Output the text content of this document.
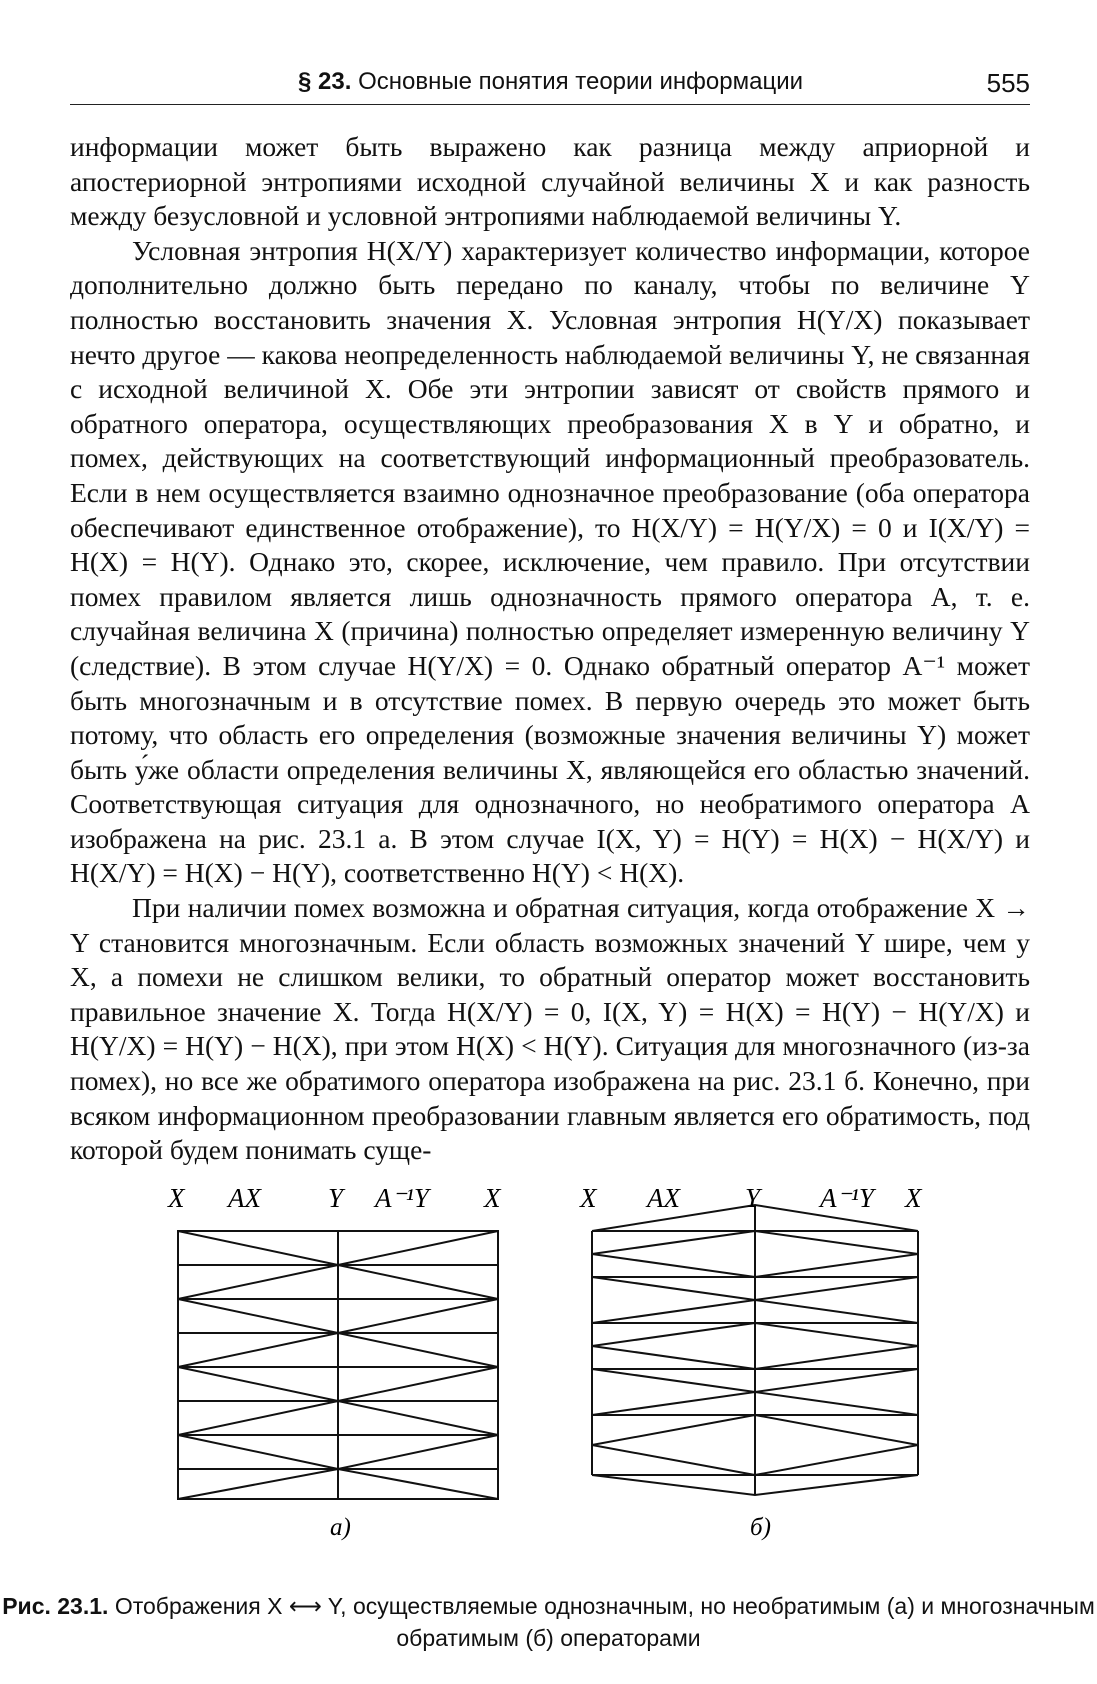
§ 23. Основные понятия теории информации	555

информации может быть выражено как разница между априорной и апостериорной энтропиями исходной случайной величины X и как разность между безусловной и условной энтропиями наблюдаемой величины Y.

Условная энтропия H(X/Y) характеризует количество информации, которое дополнительно должно быть передано по каналу, чтобы по величине Y полностью восстановить значения X. Условная энтропия H(Y/X) показывает нечто другое — какова неопределенность наблюдаемой величины Y, не связанная с исходной величиной X. Обе эти энтропии зависят от свойств прямого и обратного оператора, осуществляющих преобразования X в Y и обратно, и помех, действующих на соответствующий информационный преобразователь. Если в нем осуществляется взаимно однозначное преобразование (оба оператора обеспечивают единственное отображение), то H(X/Y) = H(Y/X) = 0 и I(X/Y) = H(X) = H(Y). Однако это, скорее, исключение, чем правило. При отсутствии помех правилом является лишь однозначность прямого оператора A, т. е. случайная величина X (причина) полностью определяет измеренную величину Y (следствие). В этом случае H(Y/X) = 0. Однако обратный оператор A⁻¹ может быть многозначным и в отсутствие помех. В первую очередь это может быть потому, что область его определения (возможные значения величины Y) может быть у́же области определения величины X, являющейся его областью значений. Соответствующая ситуация для однозначного, но необратимого оператора A изображена на рис. 23.1 а. В этом случае I(X, Y) = H(Y) = H(X) − H(X/Y) и H(X/Y) = H(X) − H(Y), соответственно H(Y) < H(X).

При наличии помех возможна и обратная ситуация, когда отображение X → Y становится многозначным. Если область возможных значений Y шире, чем у X, а помехи не слишком велики, то обратный оператор может восстановить правильное значение X. Тогда H(X/Y) = 0, I(X, Y) = H(X) = H(Y) − H(Y/X) и H(Y/X) = H(Y) − H(X), при этом H(X) < H(Y). Ситуация для многозначного (из-за помех), но все же обратимого оператора изображена на рис. 23.1 б. Конечно, при всяком информационном преобразовании главным является его обратимость, под которой будем понимать суще-

X AX Y A⁻¹Y X
а)
X AX Y A⁻¹Y X
б)
Рис. 23.1. Отображения X ⟷ Y, осуществляемые однозначным, но необратимым (а) и многозначным обратимым (б) операторами
